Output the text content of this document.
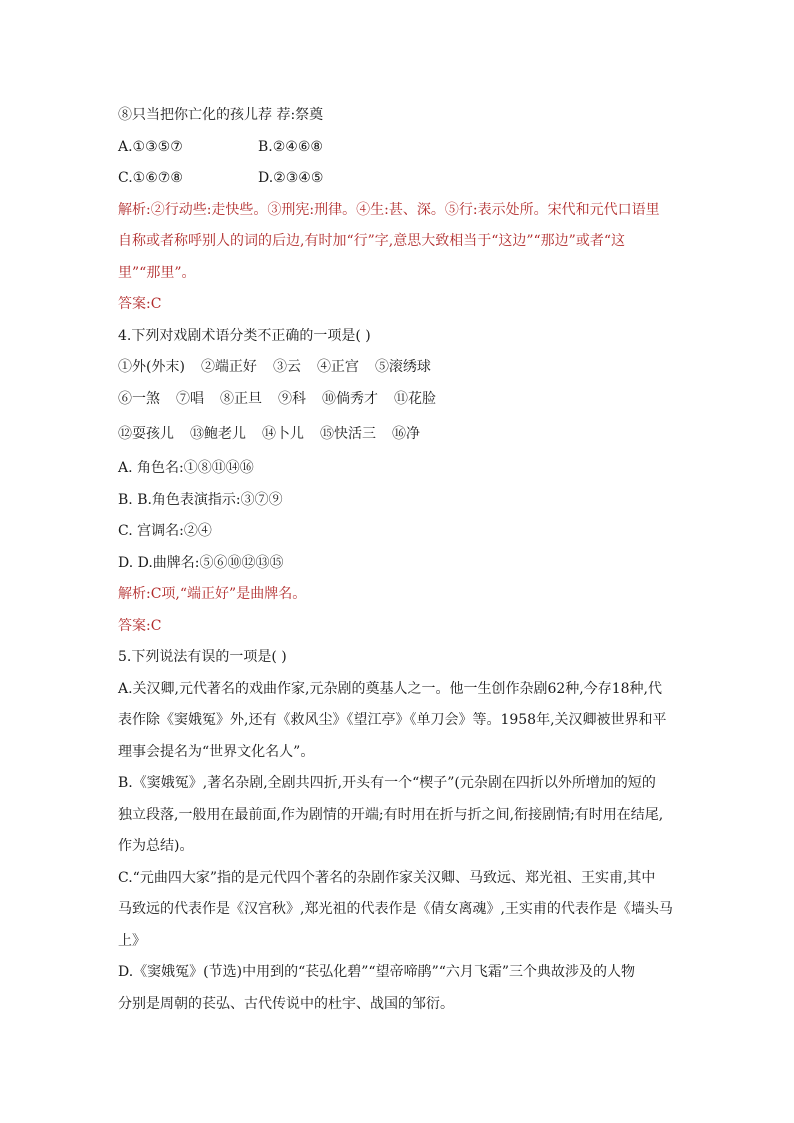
⑧只当把你亡化的孩儿荐 荐:祭奠
A.①③⑤⑦	B.②④⑥⑧
C.①⑥⑦⑧	D.②③④⑤
解析:②行动些:走快些。③刑宪:刑律。④生:甚、深。⑤行:表示处所。宋代和元代口语里
自称或者称呼别人的词的后边,有时加“行”字,意思大致相当于“这边”“那边”或者“这
里”“那里”。
答案:C
4.下列对戏剧术语分类不正确的一项是( )
①外(外末) ②端正好 ③云 ④正宫 ⑤滚绣球
⑥一煞 ⑦唱 ⑧正旦 ⑨科 ⑩倘秀才 ⑪花脸
⑫耍孩儿 ⑬鲍老儿 ⑭卜儿 ⑮快活三 ⑯净
A. 角色名:①⑧⑪⑭⑯
B. B.角色表演指示:③⑦⑨
C. 宫调名:②④
D. D.曲牌名:⑤⑥⑩⑫⑬⑮
解析:C项,“端正好”是曲牌名。
答案:C
5.下列说法有误的一项是( )
A.关汉卿,元代著名的戏曲作家,元杂剧的奠基人之一。他一生创作杂剧62种,今存18种,代
表作除《窦娥冤》外,还有《救风尘》《望江亭》《单刀会》等。1958年,关汉卿被世界和平
理事会提名为“世界文化名人”。
B.《窦娥冤》,著名杂剧,全剧共四折,开头有一个“楔子”(元杂剧在四折以外所增加的短的
独立段落,一般用在最前面,作为剧情的开端;有时用在折与折之间,衔接剧情;有时用在结尾,
作为总结)。
C.“元曲四大家”指的是元代四个著名的杂剧作家关汉卿、马致远、郑光祖、王实甫,其中
马致远的代表作是《汉宫秋》,郑光祖的代表作是《倩女离魂》,王实甫的代表作是《墙头马
上》
D.《窦娥冤》(节选)中用到的“苌弘化碧”“望帝啼鹃”“六月飞霜”三个典故涉及的人物
分别是周朝的苌弘、古代传说中的杜宇、战国的邹衍。
